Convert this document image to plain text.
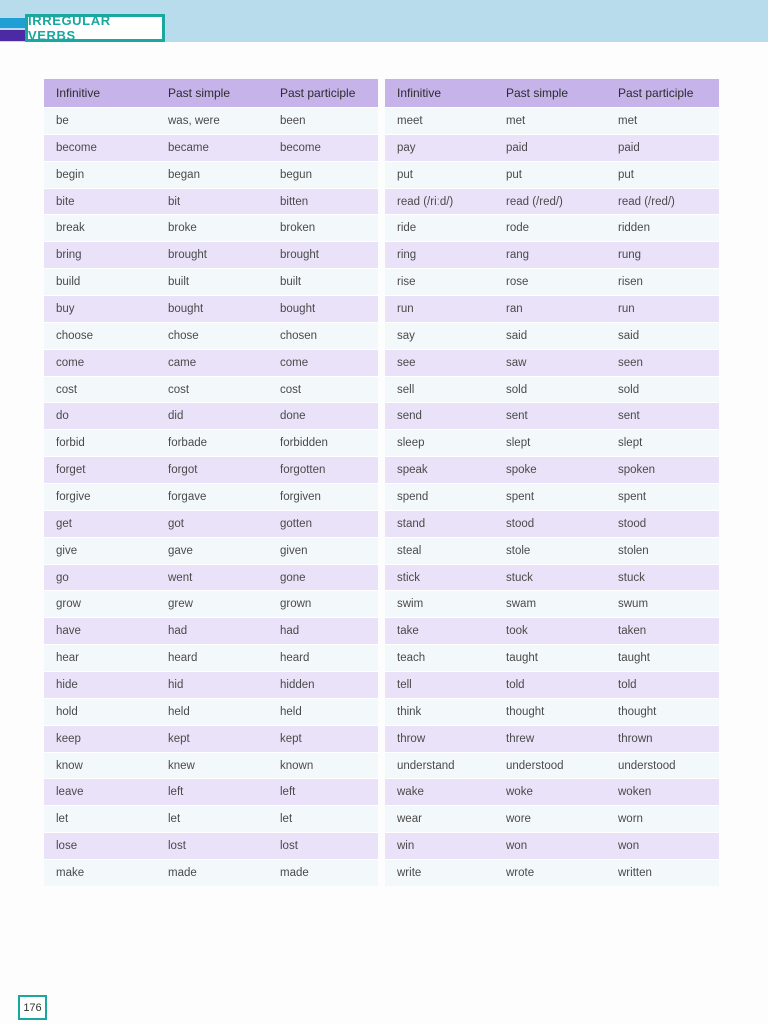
IRREGULAR VERBS
Infinitive	Past simple	Past participle
be	was, were	been
become	became	become
begin	began	begun
bite	bit	bitten
break	broke	broken
bring	brought	brought
build	built	built
buy	bought	bought
choose	chose	chosen
come	came	come
cost	cost	cost
do	did	done
forbid	forbade	forbidden
forget	forgot	forgotten
forgive	forgave	forgiven
get	got	gotten
give	gave	given
go	went	gone
grow	grew	grown
have	had	had
hear	heard	heard
hide	hid	hidden
hold	held	held
keep	kept	kept
know	knew	known
leave	left	left
let	let	let
lose	lost	lost
make	made	made
Infinitive	Past simple	Past participle
meet	met	met
pay	paid	paid
put	put	put
read (/riːd/)	read (/red/)	read (/red/)
ride	rode	ridden
ring	rang	rung
rise	rose	risen
run	ran	run
say	said	said
see	saw	seen
sell	sold	sold
send	sent	sent
sleep	slept	slept
speak	spoke	spoken
spend	spent	spent
stand	stood	stood
steal	stole	stolen
stick	stuck	stuck
swim	swam	swum
take	took	taken
teach	taught	taught
tell	told	told
think	thought	thought
throw	threw	thrown
understand	understood	understood
wake	woke	woken
wear	wore	worn
win	won	won
write	wrote	written
176
